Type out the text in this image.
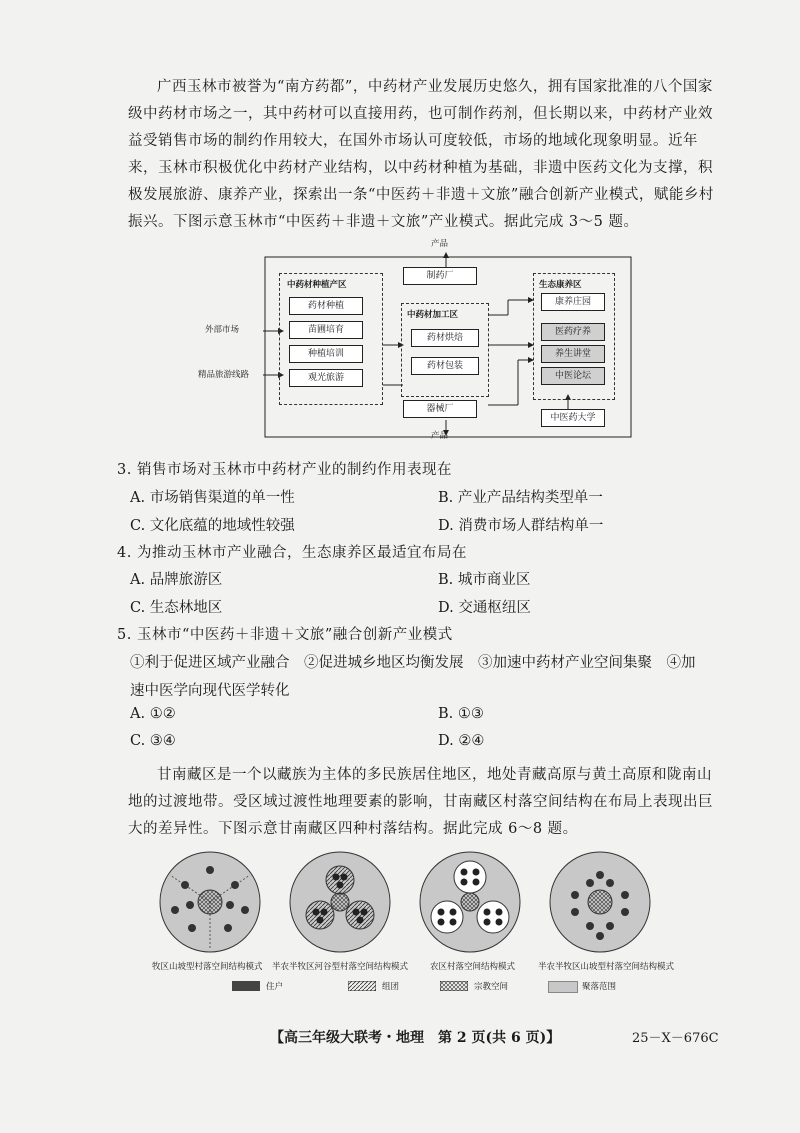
广西玉林市被誉为“南方药都”，中药材产业发展历史悠久，拥有国家批准的八个国家级中药材市场之一，其中药材可以直接用药，也可制作药剂，但长期以来，中药材产业效益受销售市场的制约作用较大，在国外市场认可度较低，市场的地域化现象明显。近年来，玉林市积极优化中药材产业结构，以中药材种植为基础，非遗中医药文化为支撑，积极发展旅游、康养产业，探索出一条“中医药＋非遗＋文旅”融合创新产业模式，赋能乡村振兴。下图示意玉林市“中医药＋非遗＋文旅”产业模式。据此完成 3～5 题。
产品
中药材种植产区
药材种植
苗圃培育
种植培训
观光旅游
外部市场
精品旅游线路
制药厂
中药材加工区
药材烘焙
药材包装
器械厂
产品
生态康养区
康养庄园
医药疗养
养生讲堂
中医论坛
中医药大学
3. 销售市场对玉林市中药材产业的制约作用表现在
A. 市场销售渠道的单一性	B. 产业产品结构类型单一
C. 文化底蕴的地域性较强	D. 消费市场人群结构单一
4. 为推动玉林市产业融合，生态康养区最适宜布局在
A. 品牌旅游区	B. 城市商业区
C. 生态林地区	D. 交通枢纽区
5. 玉林市“中医药＋非遗＋文旅”融合创新产业模式
①利于促进区域产业融合　②促进城乡地区均衡发展　③加速中药材产业空间集聚　④加
速中医学向现代医学转化
A. ①②	B. ①③
C. ③④	D. ②④
甘南藏区是一个以藏族为主体的多民族居住地区，地处青藏高原与黄土高原和陇南山地的过渡地带。受区域过渡性地理要素的影响，甘南藏区村落空间结构在布局上表现出巨大的差异性。下图示意甘南藏区四种村落结构。据此完成 6～8 题。
牧区山坡型村落空间结构模式 半农半牧区河谷型村落空间结构模式	农区村落空间结构模式	半农半牧区山坡型村落空间结构模式
住户	组团	宗教空间	聚落范围
【高三年级大联考・地理　第 2 页(共 6 页)】	25－X－676C
